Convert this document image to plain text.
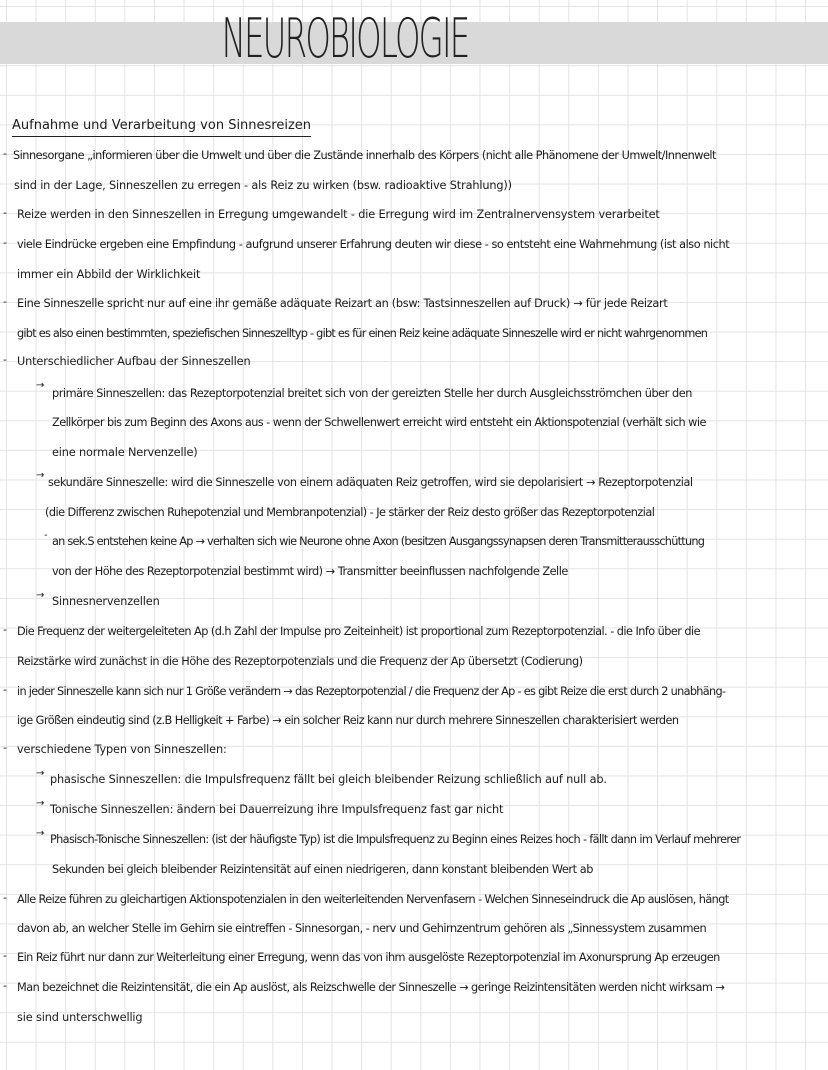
NEUROBIOLOGIE
Aufnahme und Verarbeitung von Sinnesreizen
-
-
-
-
-
-
-
-
-
-
-
→
→
-
→
→
→
→
Sinnesorgane „informieren über die Umwelt und über die Zustände innerhalb des Körpers (nicht alle Phänomene der Umwelt/Innenwelt
sind in der Lage, Sinneszellen zu erregen - als Reiz zu wirken (bsw. radioaktive Strahlung))
Reize werden in den Sinneszellen in Erregung umgewandelt - die Erregung wird im Zentralnervensystem verarbeitet
viele Eindrücke ergeben eine Empfindung - aufgrund unserer Erfahrung deuten wir diese - so entsteht eine Wahrnehmung (ist also nicht
immer ein Abbild der Wirklichkeit
Eine Sinneszelle spricht nur auf eine ihr gemäße adäquate Reizart an (bsw: Tastsinneszellen auf Druck) → für jede Reizart
gibt es also einen bestimmten, speziefischen Sinneszelltyp - gibt es für einen Reiz keine adäquate Sinneszelle wird er nicht wahrgenommen
Unterschiedlicher Aufbau der Sinneszellen
primäre Sinneszellen: das Rezeptorpotenzial breitet sich von der gereizten Stelle her durch Ausgleichsströmchen über den
Zellkörper bis zum Beginn des Axons aus - wenn der Schwellenwert erreicht wird entsteht ein Aktionspotenzial (verhält sich wie
eine normale Nervenzelle)
sekundäre Sinneszelle: wird die Sinneszelle von einem adäquaten Reiz getroffen, wird sie depolarisiert → Rezeptorpotenzial
(die Differenz zwischen Ruhepotenzial und Membranpotenzial) - Je stärker der Reiz desto größer das Rezeptorpotenzial
an sek.S entstehen keine Ap → verhalten sich wie Neurone ohne Axon (besitzen Ausgangssynapsen deren Transmitterausschüttung
von der Höhe des Rezeptorpotenzial bestimmt wird) → Transmitter beeinflussen nachfolgende Zelle
Sinnesnervenzellen
Die Frequenz der weitergeleiteten Ap (d.h Zahl der Impulse pro Zeiteinheit) ist proportional zum Rezeptorpotenzial. - die Info über die
Reizstärke wird zunächst in die Höhe des Rezeptorpotenzials und die Frequenz der Ap übersetzt (Codierung)
in jeder Sinneszelle kann sich nur 1 Größe verändern → das Rezeptorpotenzial / die Frequenz der Ap - es gibt Reize die erst durch 2 unabhäng-
ige Größen eindeutig sind (z.B Helligkeit + Farbe) → ein solcher Reiz kann nur durch mehrere Sinneszellen charakterisiert werden
verschiedene Typen von Sinneszellen:
phasische Sinneszellen: die Impulsfrequenz fällt bei gleich bleibender Reizung schließlich auf null ab.
Tonische Sinneszellen: ändern bei Dauerreizung ihre Impulsfrequenz fast gar nicht
Phasisch-Tonische Sinneszellen: (ist der häufigste Typ) ist die Impulsfrequenz zu Beginn eines Reizes hoch - fällt dann im Verlauf mehrerer
Sekunden bei gleich bleibender Reizintensität auf einen niedrigeren, dann konstant bleibenden Wert ab
Alle Reize führen zu gleichartigen Aktionspotenzialen in den weiterleitenden Nervenfasern - Welchen Sinneseindruck die Ap auslösen, hängt
davon ab, an welcher Stelle im Gehirn sie eintreffen - Sinnesorgan, - nerv und Gehirnzentrum gehören als „Sinnessystem zusammen
Ein Reiz führt nur dann zur Weiterleitung einer Erregung, wenn das von ihm ausgelöste Rezeptorpotenzial im Axonursprung Ap erzeugen
Man bezeichnet die Reizintensität, die ein Ap auslöst, als Reizschwelle der Sinneszelle → geringe Reizintensitäten werden nicht wirksam →
sie sind unterschwellig
